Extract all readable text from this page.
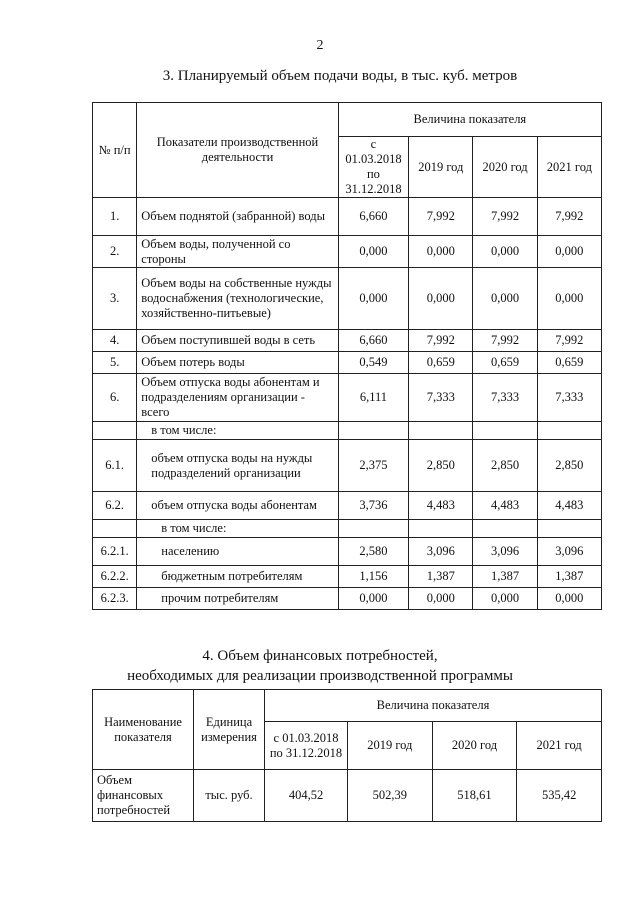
2
3. Планируемый объем подачи воды, в тыс. куб. метров
№ п/п	Показатели производственной деятельности	Величина показателя			
		с 01.03.2018 по 31.12.2018	2019 год	2020 год	2021 год
1.	Объем поднятой (забранной) воды	6,660	7,992	7,992	7,992
2.	Объем воды, полученной со стороны	0,000	0,000	0,000	0,000
3.	Объем воды на собственные нужды водоснабжения (технологические, хозяйственно-питьевые)	0,000	0,000	0,000	0,000
4.	Объем поступившей воды в сеть	6,660	7,992	7,992	7,992
5.	Объем потерь воды	0,549	0,659	0,659	0,659
6.	Объем отпуска воды абонентам и подразделениям организации - всего	6,111	7,333	7,333	7,333
	в том числе:				
6.1.	объем отпуска воды на нужды подразделений организации	2,375	2,850	2,850	2,850
6.2.	объем отпуска воды абонентам	3,736	4,483	4,483	4,483
	в том числе:				
6.2.1.	населению	2,580	3,096	3,096	3,096
6.2.2.	бюджетным потребителям	1,156	1,387	1,387	1,387
6.2.3.	прочим потребителям	0,000	0,000	0,000	0,000
4. Объем финансовых потребностей,
необходимых для реализации производственной программы
Наименование показателя	Единица измерения	Величина показателя			
		с 01.03.2018 по 31.12.2018	2019 год	2020 год	2021 год
Объем финансовых потребностей	тыс. руб.	404,52	502,39	518,61	535,42
